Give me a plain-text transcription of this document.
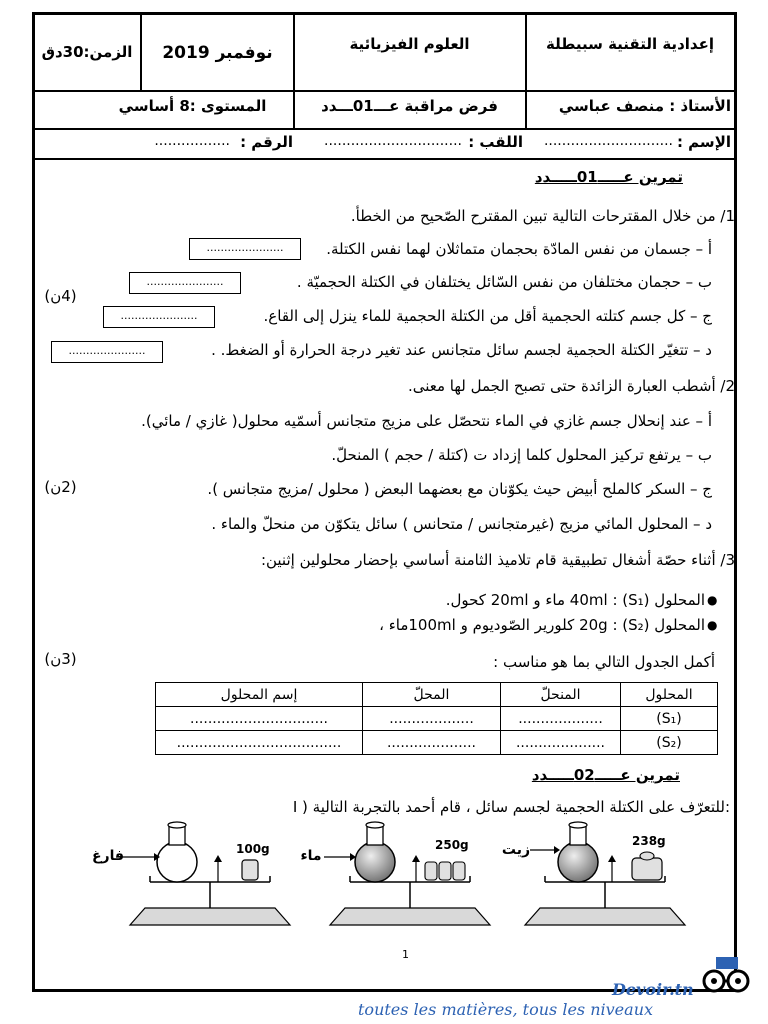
الزمن:30دق	نوفمبر 2019	العلوم الفيزيائية	إعدادية التقنية سبيطلة
المستوى :8 أساسي	فرض مراقبة عـــ01ـــدد	الأستاذ : منصف عباسي
الإسم :
.............................
اللقب :
...............................
الرقم :
.................
تمرين عـــــ01ـــــدد
1/ من خلال المقترحات التالية تبين المقترح الصّحيح من الخطأ.
أ – جسمان من نفس المادّة بحجمان متماثلان لهما نفس الكتلة.
......................
ب – حجمان مختلفان من نفس السّائل يختلفان في الكتلة الحجميّة .
......................
(4ن)
ج – كل جسم كتلته الحجمية أقل من الكتلة الحجمية للماء ينزل إلى القاع.
......................
د – تتغيّر الكتلة الحجمية لجسم سائل متجانس عند تغير درجة الحرارة أو الضغط. .
......................
2/ أشطب العبارة الزائدة حتى تصبح الجمل لها معنى.
أ – عند إنحلال جسم غازي في الماء نتحصّل على مزيج متجانس أسمّيه محلول( غازي / مائي).
ب – يرتفع تركيز المحلول كلما إزداد ت (كتلة / حجم ) المنحلّ.
(2ن)	ج – السكر كالملح أبيض حيث يكوّنان مع بعضهما البعض ( محلول /مزيج متجانس ).
د – المحلول المائي مزيج (غيرمتجانس / متحانس ) سائل يتكوّن من منحلّ والماء .
3/ أثناء حصّة أشغال تطبيقية قام تلاميذ الثامنة أساسي بإحضار محلولين إثنين:
المحلول (S₁) : 40ml ماء و 20ml كحول. ●
المحلول (S₂) : 20g كلورير الصّوديوم و 100mlماء ، ●
(3ن)	أكمل الجدول التالي بما هو مناسب :
المحلول	المنحلّ	المحلّ	إسم المحلول
(S₁)	...................	...................	...............................
(S₂)	....................	....................	.....................................
تمرين عـــــ02ـــــدد
I ) للتعرّف على الكتلة الحجمية لجسم سائل ، قام أحمد بالتجربة التالية:
فارغ	100g	ماء
250g زيت
238g
1
Devoir.tn
toutes les matières, tous les niveaux
